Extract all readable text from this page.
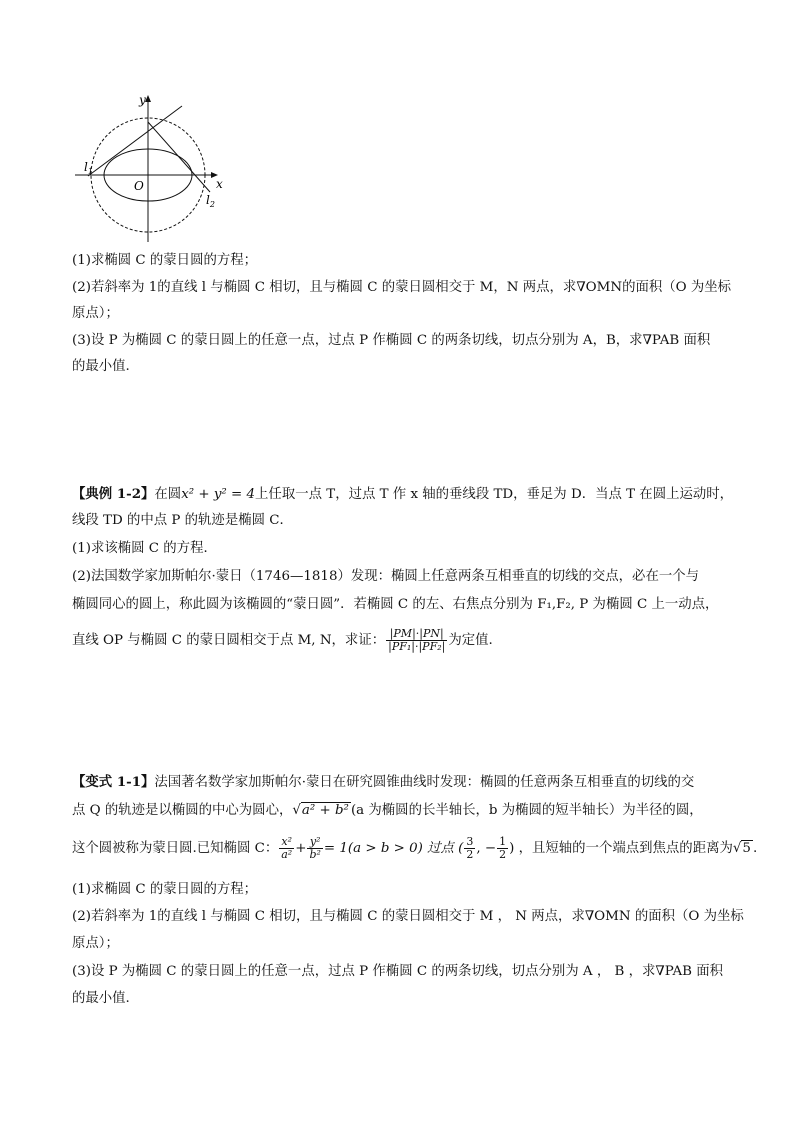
y
x
O
$l_1$
$l_2$
(1)求椭圆 C 的蒙日圆的方程；
(2)若斜率为 1的直线 l 与椭圆 C 相切，且与椭圆 C 的蒙日圆相交于 M，N 两点，求∇OMN的面积（O 为坐标
原点）；
(3)设 P 为椭圆 C 的蒙日圆上的任意一点，过点 P 作椭圆 C 的两条切线，切点分别为 A，B，求∇PAB 面积
的最小值.
【典例 1-2】在圆x² + y² = 4上任取一点 T，过点 T 作 x 轴的垂线段 TD，垂足为 D．当点 T 在圆上运动时，
线段 TD 的中点 P 的轨迹是椭圆 C．
(1)求该椭圆 C 的方程．
(2)法国数学家加斯帕尔·蒙日（1746—1818）发现：椭圆上任意两条互相垂直的切线的交点，必在一个与
椭圆同心的圆上，称此圆为该椭圆的“蒙日圆”．若椭圆 C 的左、右焦点分别为 F₁,F₂, P 为椭圆 C 上一动点，
直线 OP 与椭圆 C 的蒙日圆相交于点 M, N，求证： $\frac{|PM|\cdot|PN|}{\text{|PF₁|·|PF₂|}}$ 为定值.
【变式 1-1】法国著名数学家加斯帕尔·蒙日在研究圆锥曲线时发现：椭圆的任意两条互相垂直的切线的交
点 Q 的轨迹是以椭圆的中心为圆心，√a² + b² (a 为椭圆的长半轴长，b 为椭圆的短半轴长）为半径的圆，
这个圆被称为蒙日圆.已知椭圆 C： $\frac{\text{x²}}{\text{a²}} + \frac{\text{y²}}{\text{b²}} = 1(a > b > 0)$ 过点 ( $\frac{3}{2}$ , − $\frac{1}{2}$ ) ，且短轴的一个端点到焦点的距离为√5 .
(1)求椭圆 C 的蒙日圆的方程；
(2)若斜率为 1的直线 l 与椭圆 C 相切，且与椭圆 C 的蒙日圆相交于 M ， N 两点，求∇OMN 的面积（O 为坐标
原点）；
(3)设 P 为椭圆 C 的蒙日圆上的任意一点，过点 P 作椭圆 C 的两条切线，切点分别为 A ， B ，求∇PAB 面积
的最小值.
